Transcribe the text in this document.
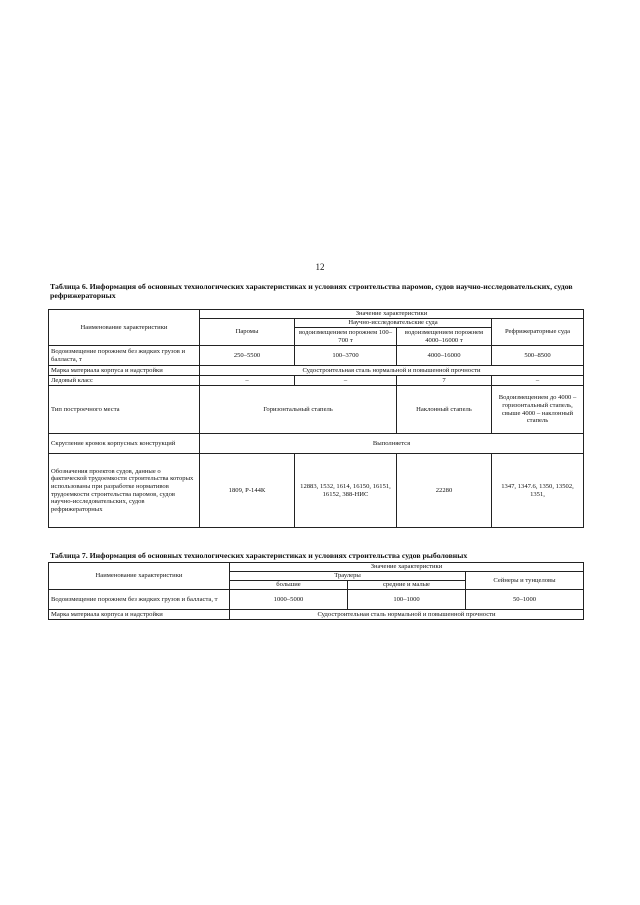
12
Таблица 6. Информация об основных технологических характеристиках и условиях строительства паромов, судов научно-исследовательских, судов рефрижераторных
Наименование характеристики	Значение характеристики			
	Паромы	Научно-исследовательские суда		Рефрижераторные суда
		водоизмещением порожнем 100–700 т	водоизмещением порожнем 4000–16000 т	
Водоизмещение порожнем без жидких грузов и балласта, т	250–5500	100–3700	4000–16000	500–8500
Марка материала корпуса и надстройки	Судостроительная сталь нормальной и повышенной прочности			
Ледовый класс	–	–	7	–
Тип построечного места	Горизонтальный стапель		Наклонный стапель	Водоизмещением до 4000 – горизонтальный стапель, свыше 4000 – наклонный стапель
Скругление кромок корпусных конструкций	Выполняется			
Обозначения проектов судов, данные о фактической трудоемкости строительства которых использованы при разработке нормативов трудоемкости строительства паромов, судов научно-исследовательских, судов рефрижераторных	1809, Р-144К	12883, 1532, 1614, 16150, 16151, 16152, 388-НИС	22280	1347, 1347.6, 1350, 13502, 1351,
Таблица 7. Информация об основных технологических характеристиках и условиях строительства судов рыболовных
Наименование характеристики	Значение характеристики		
	Траулеры		Сейнеры и тунцеловы
	большие	средние и малые	
Водоизмещение порожнем без жидких грузов и балласта, т	1000–5000	100–1000	50–1000
Марка материала корпуса и надстройки	Судостроительная сталь нормальной и повышенной прочности		
